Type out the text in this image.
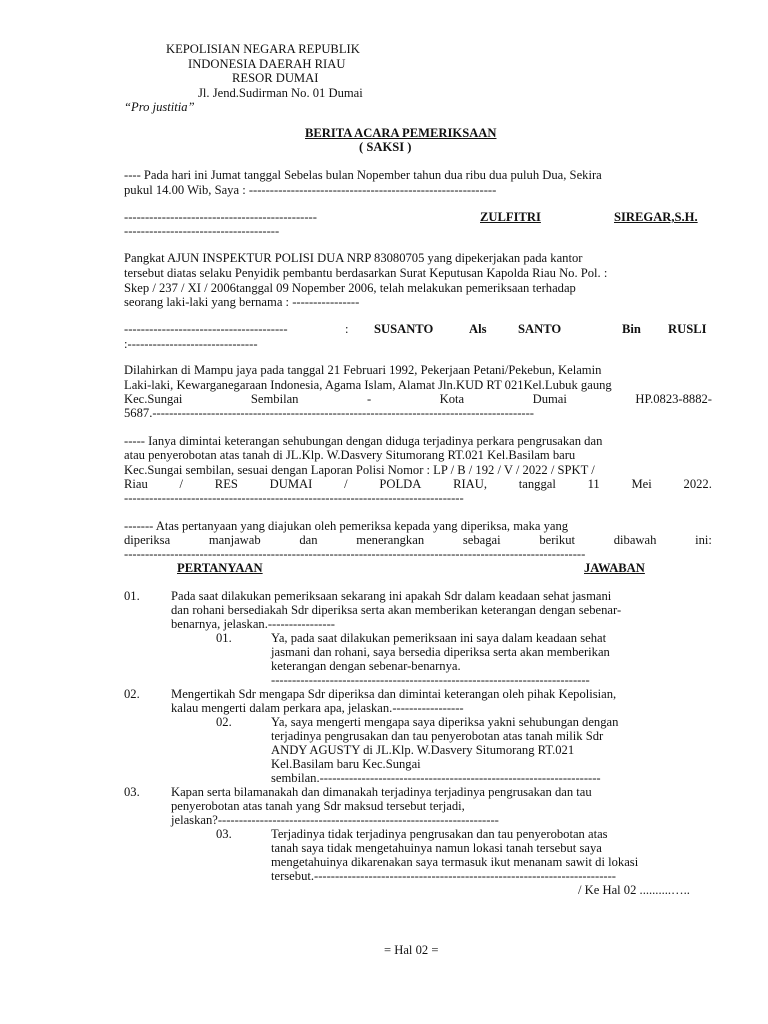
KEPOLISIAN NEGARA REPUBLIK
INDONESIA DAERAH RIAU
RESOR DUMAI
Jl. Jend.Sudirman No. 01 Dumai
“Pro justitia”
BERITA ACARA PEMERIKSAAN
( SAKSI )
---- Pada hari ini Jumat tanggal Sebelas bulan Nopember tahun dua ribu dua puluh Dua, Sekira
pukul 14.00 Wib, Saya : -----------------------------------------------------------
----------------------------------------------	ZULFITRI	SIREGAR,S.H.
-------------------------------------
Pangkat AJUN INSPEKTUR POLISI DUA NRP 83080705 yang dipekerjakan pada kantor
tersebut diatas selaku Penyidik pembantu berdasarkan Surat Keputusan Kapolda Riau No. Pol. :
Skep / 237 / XI / 2006tanggal 09 Nopember 2006, telah melakukan pemeriksaan terhadap
seorang laki-laki yang bernama : ----------------
---------------------------------------	: SUSANTO	Als	SANTO	Bin RUSLI
:-------------------------------
Dilahirkan di Mampu jaya pada tanggal 21 Februari 1992, Pekerjaan Petani/Pekebun, Kelamin
Laki-laki, Kewarganegaraan Indonesia, Agama Islam, Alamat Jln.KUD RT 021Kel.Lubuk gaung
Kec.Sungai	Sembilan	-	Kota	Dumai	HP.0823-8882-
5687.-------------------------------------------------------------------------------------------
----- Ianya dimintai keterangan sehubungan dengan diduga terjadinya perkara pengrusakan dan
atau penyerobotan atas tanah di JL.Klp. W.Dasvery Situmorang RT.021 Kel.Basilam baru
Kec.Sungai sembilan, sesuai dengan Laporan Polisi Nomor : LP / B / 192 / V / 2022 / SPKT /
Riau	/	RES	DUMAI	/	POLDA	RIAU,	tanggal	11	Mei	2022.
---------------------------------------------------------------------------------
------- Atas pertanyaan yang diajukan oleh pemeriksa kepada yang diperiksa, maka yang
diperiksa	manjawab	dan	menerangkan	sebagai	berikut	dibawah	ini:
--------------------------------------------------------------------------------------------------------------
PERTANYAAN	JAWABAN
01. Pada saat dilakukan pemeriksaan sekarang ini apakah Sdr dalam keadaan sehat jasmani
dan rohani bersediakah Sdr diperiksa serta akan memberikan keterangan dengan sebenar-
benarnya, jelaskan.----------------
01.	Ya, pada saat dilakukan pemeriksaan ini saya dalam keadaan sehat
jasmani dan rohani, saya bersedia diperiksa serta akan memberikan
keterangan dengan sebenar-benarnya.
----------------------------------------------------------------------------
02. Mengertikah Sdr mengapa Sdr diperiksa dan dimintai keterangan oleh pihak Kepolisian,
kalau mengerti dalam perkara apa, jelaskan.-----------------
02.	Ya, saya mengerti mengapa saya diperiksa yakni sehubungan dengan
terjadinya pengrusakan dan tau penyerobotan atas tanah milik Sdr
ANDY AGUSTY di JL.Klp. W.Dasvery Situmorang RT.021
Kel.Basilam baru Kec.Sungai
sembilan.-------------------------------------------------------------------
03. Kapan serta bilamanakah dan dimanakah terjadinya terjadinya pengrusakan dan tau
penyerobotan atas tanah yang Sdr maksud tersebut terjadi,
jelaskan?-------------------------------------------------------------------
03.	Terjadinya tidak terjadinya pengrusakan dan tau penyerobotan atas
tanah saya tidak mengetahuinya namun lokasi tanah tersebut saya
mengetahuinya dikarenakan saya termasuk ikut menanam sawit di lokasi
tersebut.------------------------------------------------------------------------
/ Ke Hal 02 ..........…..
= Hal 02 =
